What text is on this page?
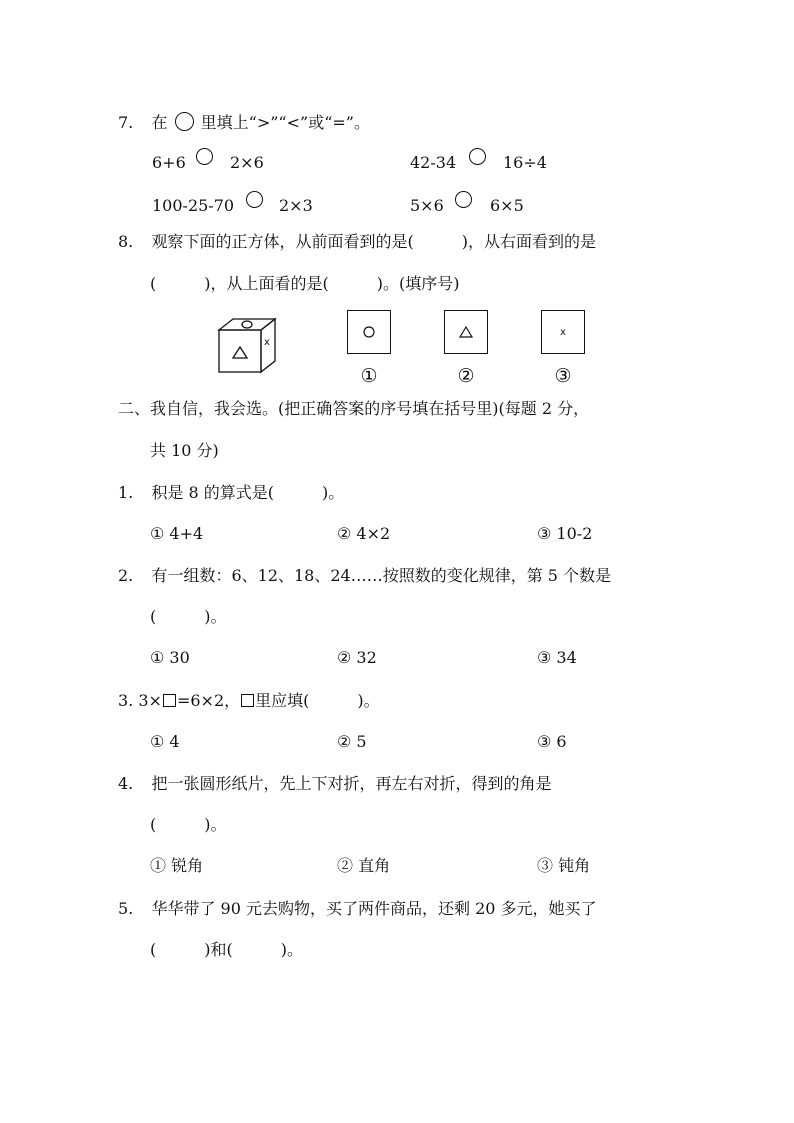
7. 在 里填上“>”“<”或“=”。
6+6	2×6	42-34	16÷4
100-25-70	2×3	5×6	6×5
8. 观察下面的正方体，从前面看到的是(　　　)，从右面看到的是
(　　　)，从上面看的是(　　　)。(填序号)
x
x
①	②	③
二、我自信，我会选。(把正确答案的序号填在括号里)(每题 2 分，
共 10 分)
1. 积是 8 的算式是(　　　)。
① 4+4	② 4×2	③ 10-2
2. 有一组数：6、12、18、24……按照数的变化规律，第 5 个数是
(　　　)。
① 30	② 32	③ 34
3. 3× =6×2， 里应填(　　　)。
① 4	② 5	③ 6
4. 把一张圆形纸片，先上下对折，再左右对折，得到的角是
(　　　)。
① 锐角	② 直角	③ 钝角
5. 华华带了 90 元去购物，买了两件商品，还剩 20 多元，她买了
(　　　)和(　　　)。
